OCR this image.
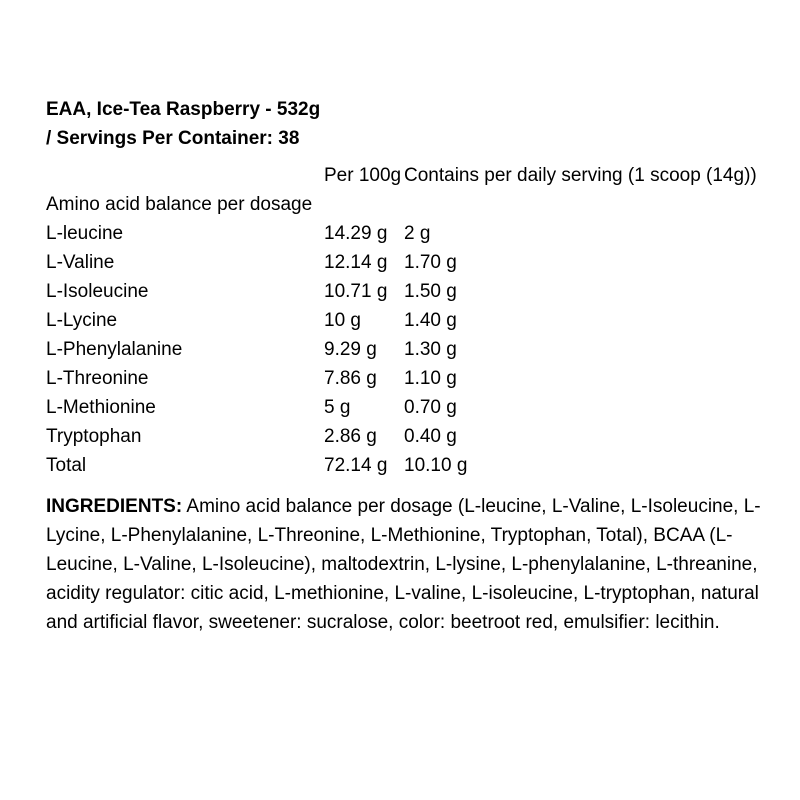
EAA, Ice-Tea Raspberry - 532g
/ Servings Per Container: 38
	Per 100g	Contains per daily serving (1 scoop (14g))
Amino acid balance per dosage		
L-leucine	14.29 g	2 g
L-Valine	12.14 g	1.70 g
L-Isoleucine	10.71 g	1.50 g
L-Lycine	10 g	1.40 g
L-Phenylalanine	9.29 g	1.30 g
L-Threonine	7.86 g	1.10 g
L-Methionine	5 g	0.70 g
Tryptophan	2.86 g	0.40 g
Total	72.14 g	10.10 g
INGREDIENTS: Amino acid balance per dosage (L-leucine, L-Valine, L-Isoleucine, L-Lycine, L-Phenylalanine, L-Threonine, L-Methionine, Tryptophan, Total), BCAA (L-Leucine, L-Valine, L-Isoleucine), maltodextrin, L-lysine, L-phenylalanine, L-threanine, acidity regulator: citic acid, L-methionine, L-valine, L-isoleucine, L-tryptophan, natural and artificial flavor, sweetener: sucralose, color: beetroot red, emulsifier: lecithin.
